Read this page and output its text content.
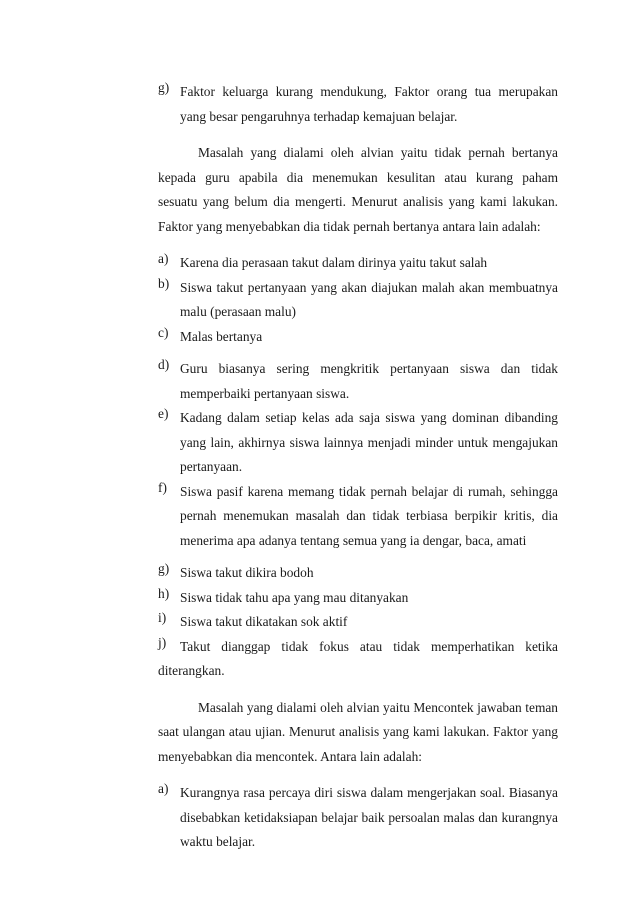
g) Faktor keluarga kurang mendukung, Faktor orang tua merupakan
yang besar pengaruhnya terhadap kemajuan belajar.
Masalah yang dialami oleh alvian yaitu tidak pernah bertanya
kepada guru apabila dia menemukan kesulitan atau kurang paham
sesuatu yang belum dia mengerti. Menurut analisis yang kami lakukan.
Faktor yang menyebabkan dia tidak pernah bertanya antara lain adalah:
a) Karena dia perasaan takut dalam dirinya yaitu takut salah
b) Siswa takut pertanyaan yang akan diajukan malah akan membuatnya
malu (perasaan malu)
c) Malas bertanya
d) Guru biasanya sering mengkritik pertanyaan siswa dan tidak
memperbaiki pertanyaan siswa.
e) Kadang dalam setiap kelas ada saja siswa yang dominan dibanding
yang lain, akhirnya siswa lainnya menjadi minder untuk mengajukan
pertanyaan.
f) Siswa pasif karena memang tidak pernah belajar di rumah, sehingga
pernah menemukan masalah dan tidak terbiasa berpikir kritis, dia
menerima apa adanya tentang semua yang ia dengar, baca, amati
g) Siswa takut dikira bodoh
h) Siswa tidak tahu apa yang mau ditanyakan
i) Siswa takut dikatakan sok aktif
j) Takut dianggap tidak fokus atau tidak memperhatikan ketika
diterangkan.
Masalah yang dialami oleh alvian yaitu Mencontek jawaban teman
saat ulangan atau ujian. Menurut analisis yang kami lakukan. Faktor yang
menyebabkan dia mencontek. Antara lain adalah:
a) Kurangnya rasa percaya diri siswa dalam mengerjakan soal. Biasanya
disebabkan ketidaksiapan belajar baik persoalan malas dan kurangnya
waktu belajar.
